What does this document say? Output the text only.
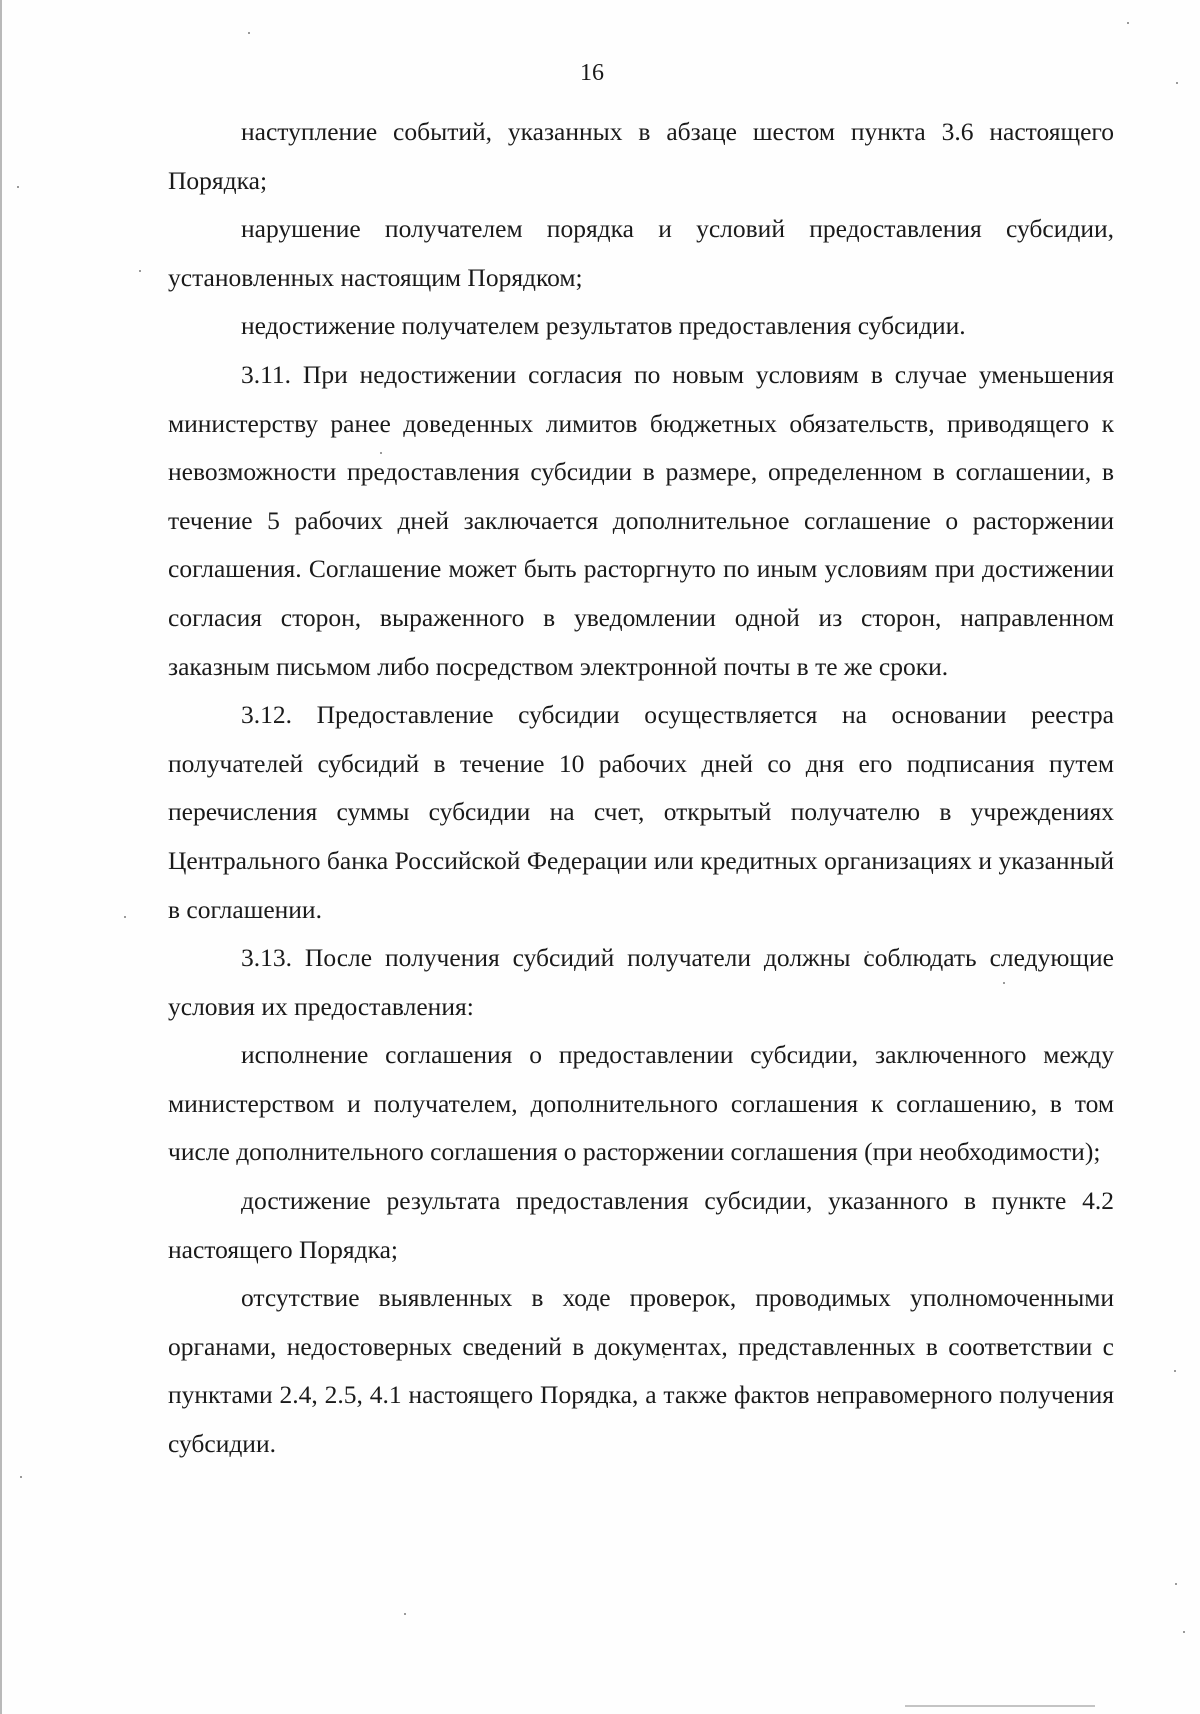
16

наступление событий, указанных в абзаце шестом пункта 3.6 настоящего Порядка;

нарушение получателем порядка и условий предоставления субсидии, установленных настоящим Порядком;

недостижение получателем результатов предоставления субсидии.

3.11. При недостижении согласия по новым условиям в случае уменьшения министерству ранее доведенных лимитов бюджетных обязательств, приводящего к невозможности предоставления субсидии в размере, определенном в соглашении, в течение 5 рабочих дней заключается дополнительное соглашение о расторжении соглашения. Соглашение может быть расторгнуто по иным условиям при достижении согласия сторон, выраженного в уведомлении одной из сторон, направленном заказным письмом либо посредством электронной почты в те же сроки.

3.12. Предоставление субсидии осуществляется на основании реестра получателей субсидий в течение 10 рабочих дней со дня его подписания путем перечисления суммы субсидии на счет, открытый получателю в учреждениях Центрального банка Российской Федерации или кредитных организациях и указанный в соглашении.

3.13. После получения субсидий получатели должны соблюдать следующие условия их предоставления:

исполнение соглашения о предоставлении субсидии, заключенного между министерством и получателем, дополнительного соглашения к соглашению, в том числе дополнительного соглашения о расторжении соглашения (при необходимости);

достижение результата предоставления субсидии, указанного в пункте 4.2 настоящего Порядка;

отсутствие выявленных в ходе проверок, проводимых уполномоченными органами, недостоверных сведений в документах, представленных в соответствии с пунктами 2.4, 2.5, 4.1 настоящего Порядка, а также фактов неправомерного получения субсидии.
